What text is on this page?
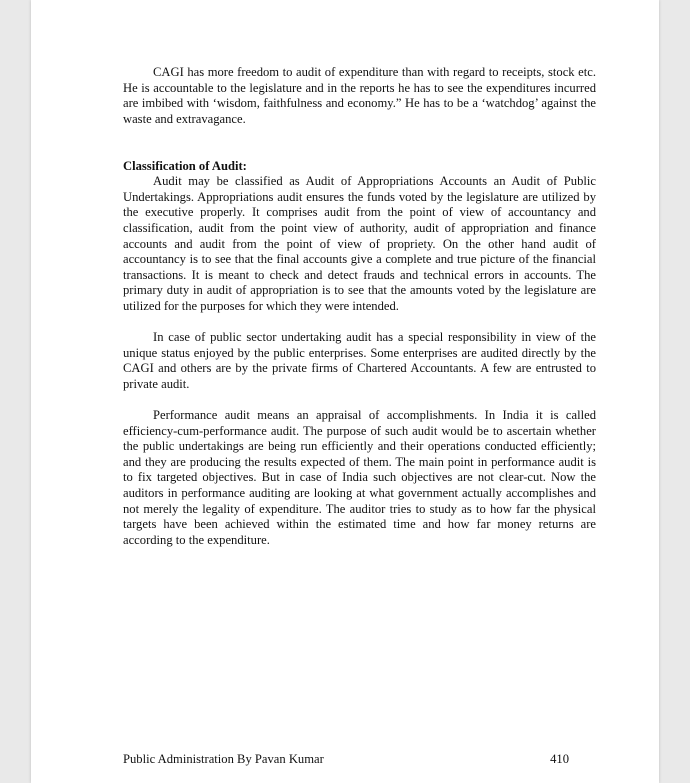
CAGI has more freedom to audit of expenditure than with regard to receipts, stock etc. He is accountable to the legislature and in the reports he has to see the expenditures incurred are imbibed with ‘wisdom, faithfulness and economy.” He has to be a ‘watchdog’ against the waste and extravagance.

Classification of Audit:

Audit may be classified as Audit of Appropriations Accounts an Audit of Public Undertakings. Appropriations audit ensures the funds voted by the legislature are utilized by the executive properly. It comprises audit from the point of view of accountancy and classification, audit from the point view of authority, audit of appropriation and finance accounts and audit from the point of view of propriety. On the other hand audit of accountancy is to see that the final accounts give a complete and true picture of the financial transactions. It is meant to check and detect frauds and technical errors in accounts. The primary duty in audit of appropriation is to see that the amounts voted by the legislature are utilized for the purposes for which they were intended.

In case of public sector undertaking audit has a special responsibility in view of the unique status enjoyed by the public enterprises. Some enterprises are audited directly by the CAGI and others are by the private firms of Chartered Accountants. A few are entrusted to private audit.

Performance audit means an appraisal of accomplishments. In India it is called efficiency-cum-performance audit. The purpose of such audit would be to ascertain whether the public undertakings are being run efficiently and their operations conducted efficiently; and they are producing the results expected of them. The main point in performance audit is to fix targeted objectives. But in case of India such objectives are not clear-cut. Now the auditors in performance auditing are looking at what government actually accomplishes and not merely the legality of expenditure. The auditor tries to study as to how far the physical targets have been achieved within the estimated time and how far money returns are according to the expenditure.

Public Administration By Pavan Kumar	410
